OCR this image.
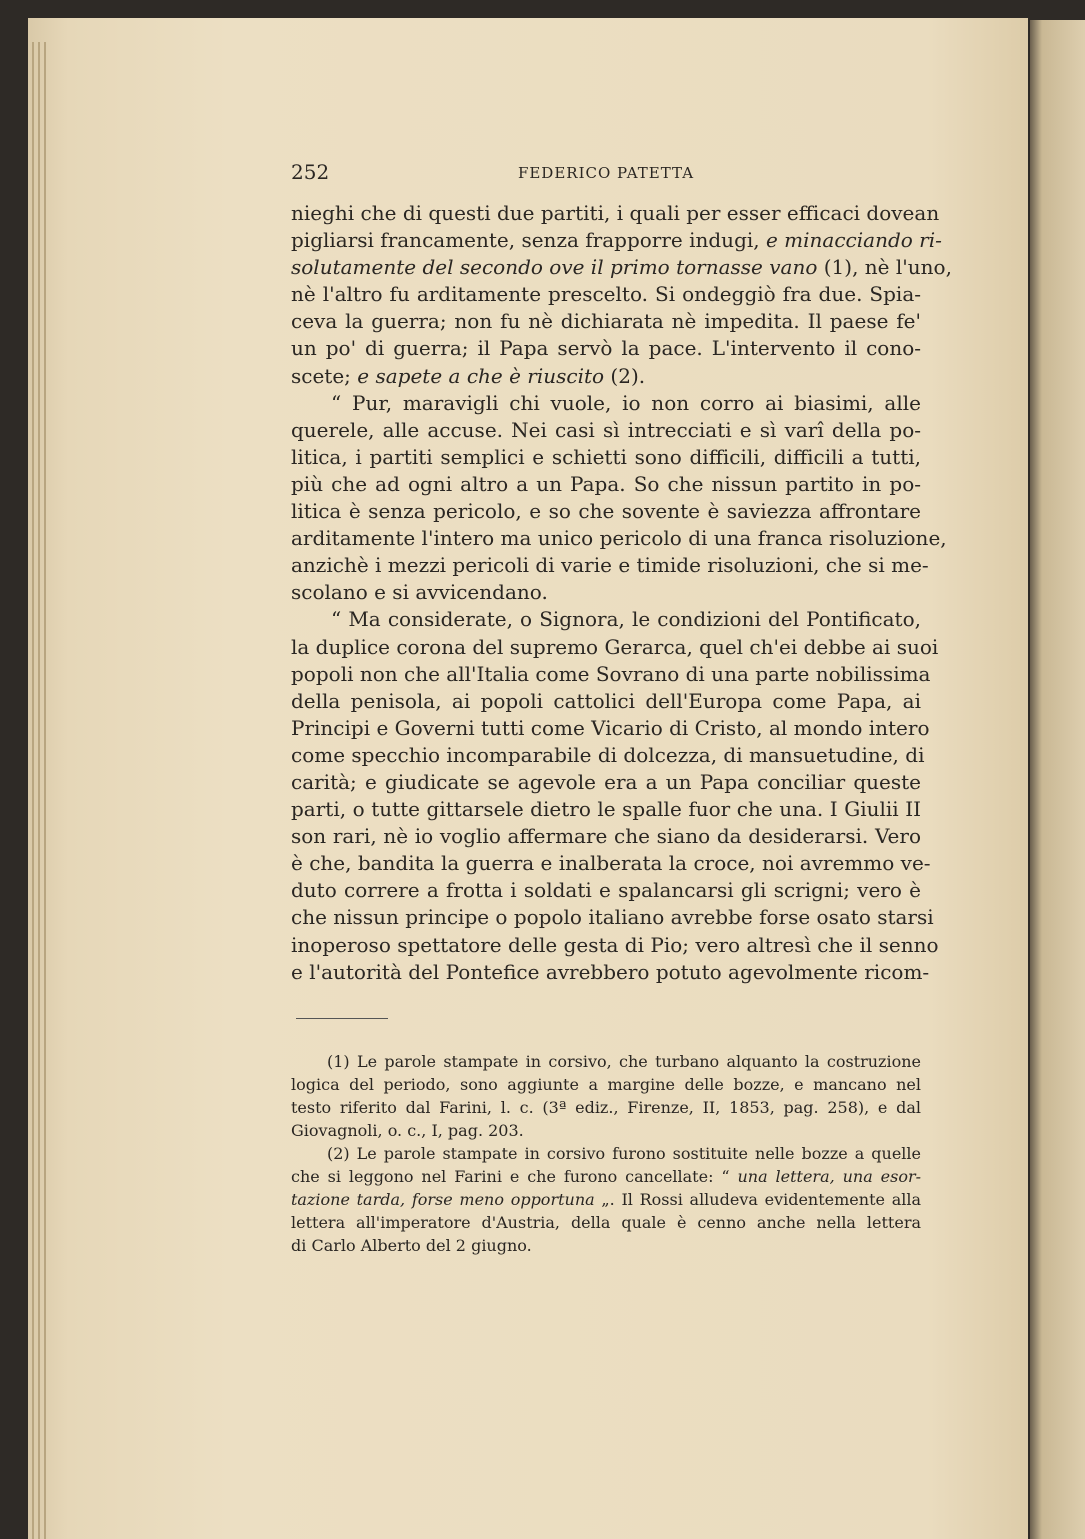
252	FEDERICO PATETTA
nieghi che di questi due partiti, i quali per esser efficaci dovean
pigliarsi francamente, senza frapporre indugi, e minacciando ri-
solutamente del secondo ove il primo tornasse vano (1), nè l'uno,
nè l'altro fu arditamente prescelto. Si ondeggiò fra due. Spia-
ceva la guerra; non fu nè dichiarata nè impedita. Il paese fe'
un po' di guerra; il Papa servò la pace. L'intervento il cono-
scete; e sapete a che è riuscito (2).
“ Pur, maravigli chi vuole, io non corro ai biasimi, alle
querele, alle accuse. Nei casi sì intrecciati e sì varî della po-
litica, i partiti semplici e schietti sono difficili, difficili a tutti,
più che ad ogni altro a un Papa. So che nissun partito in po-
litica è senza pericolo, e so che sovente è saviezza affrontare
arditamente l'intero ma unico pericolo di una franca risoluzione,
anzichè i mezzi pericoli di varie e timide risoluzioni, che si me-
scolano e si avvicendano.
“ Ma considerate, o Signora, le condizioni del Pontificato,
la duplice corona del supremo Gerarca, quel ch'ei debbe ai suoi
popoli non che all'Italia come Sovrano di una parte nobilissima
della penisola, ai popoli cattolici dell'Europa come Papa, ai
Principi e Governi tutti come Vicario di Cristo, al mondo intero
come specchio incomparabile di dolcezza, di mansuetudine, di
carità; e giudicate se agevole era a un Papa conciliar queste
parti, o tutte gittarsele dietro le spalle fuor che una. I Giulii II
son rari, nè io voglio affermare che siano da desiderarsi. Vero
è che, bandita la guerra e inalberata la croce, noi avremmo ve-
duto correre a frotta i soldati e spalancarsi gli scrigni; vero è
che nissun principe o popolo italiano avrebbe forse osato starsi
inoperoso spettatore delle gesta di Pio; vero altresì che il senno
e l'autorità del Pontefice avrebbero potuto agevolmente ricom-
(1) Le parole stampate in corsivo, che turbano alquanto la costruzione
logica del periodo, sono aggiunte a margine delle bozze, e mancano nel
testo riferito dal Farini, l. c. (3ª ediz., Firenze, II, 1853, pag. 258), e dal
Giovagnoli, o. c., I, pag. 203.
(2) Le parole stampate in corsivo furono sostituite nelle bozze a quelle
che si leggono nel Farini e che furono cancellate: “ una lettera, una esor-
tazione tarda, forse meno opportuna „. Il Rossi alludeva evidentemente alla
lettera all'imperatore d'Austria, della quale è cenno anche nella lettera
di Carlo Alberto del 2 giugno.
